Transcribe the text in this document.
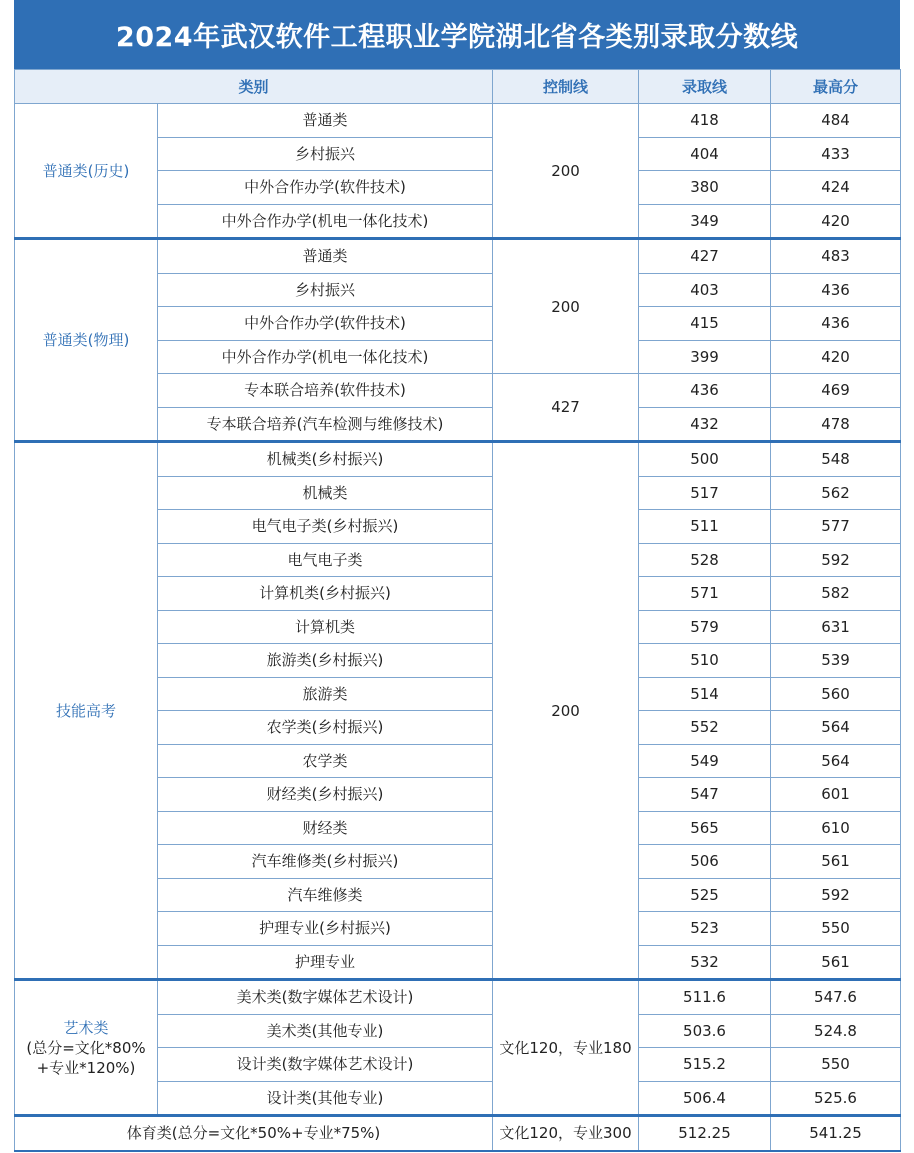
2024年武汉软件工程职业学院湖北省各类别录取分数线
类别		控制线	录取线	最高分
普通类(历史)	普通类	200	418	484
	乡村振兴		404	433
	中外合作办学(软件技术)		380	424
	中外合作办学(机电一体化技术)		349	420
普通类(物理)	普通类	200	427	483
	乡村振兴		403	436
	中外合作办学(软件技术)		415	436
	中外合作办学(机电一体化技术)		399	420
	专本联合培养(软件技术)	427	436	469
	专本联合培养(汽车检测与维修技术)		432	478
技能高考	机械类(乡村振兴)	200	500	548
	机械类		517	562
	电气电子类(乡村振兴)		511	577
	电气电子类		528	592
	计算机类(乡村振兴)		571	582
	计算机类		579	631
	旅游类(乡村振兴)		510	539
	旅游类		514	560
	农学类(乡村振兴)		552	564
	农学类		549	564
	财经类(乡村振兴)		547	601
	财经类		565	610
	汽车维修类(乡村振兴)		506	561
	汽车维修类		525	592
	护理专业(乡村振兴)		523	550
	护理专业		532	561

艺术类
(总分=文化*80%
+专业*120%)	美术类(数字媒体艺术设计)	文化120，专业180	511.6	547.6
	美术类(其他专业)		503.6	524.8
	设计类(数字媒体艺术设计)		515.2	550
	设计类(其他专业)		506.4	525.6
体育类(总分=文化*50%+专业*75%)		文化120，专业300	512.25	541.25
